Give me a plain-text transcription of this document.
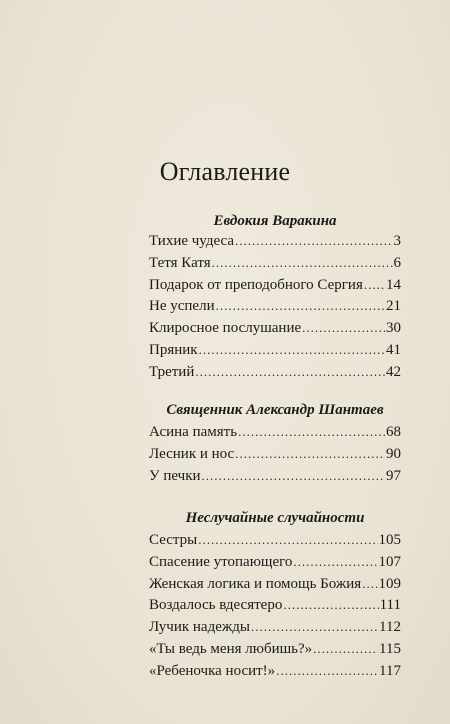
Оглавление
Евдокия Варакина
Тихие чудеса .....	3
Тетя Катя .....	6
Подарок от преподобного Сергия ..... 14
Не успели .....	21
Клиросное послушание .....	30
Пряник .....	41
Третий .....	42
Священник Александр Шантаев
Асина память .....	68
Лесник и нос .....	90
У печки .....	97
Неслучайные случайности
Сестры .....	105
Спасение утопающего .....	107
Женская логика и помощь Божия ..... 109
Воздалось вдесятеро .....	111
Лучик надежды .....	112
«Ты ведь меня любишь?» .....	115
«Ребеночка носит!» .....	117
